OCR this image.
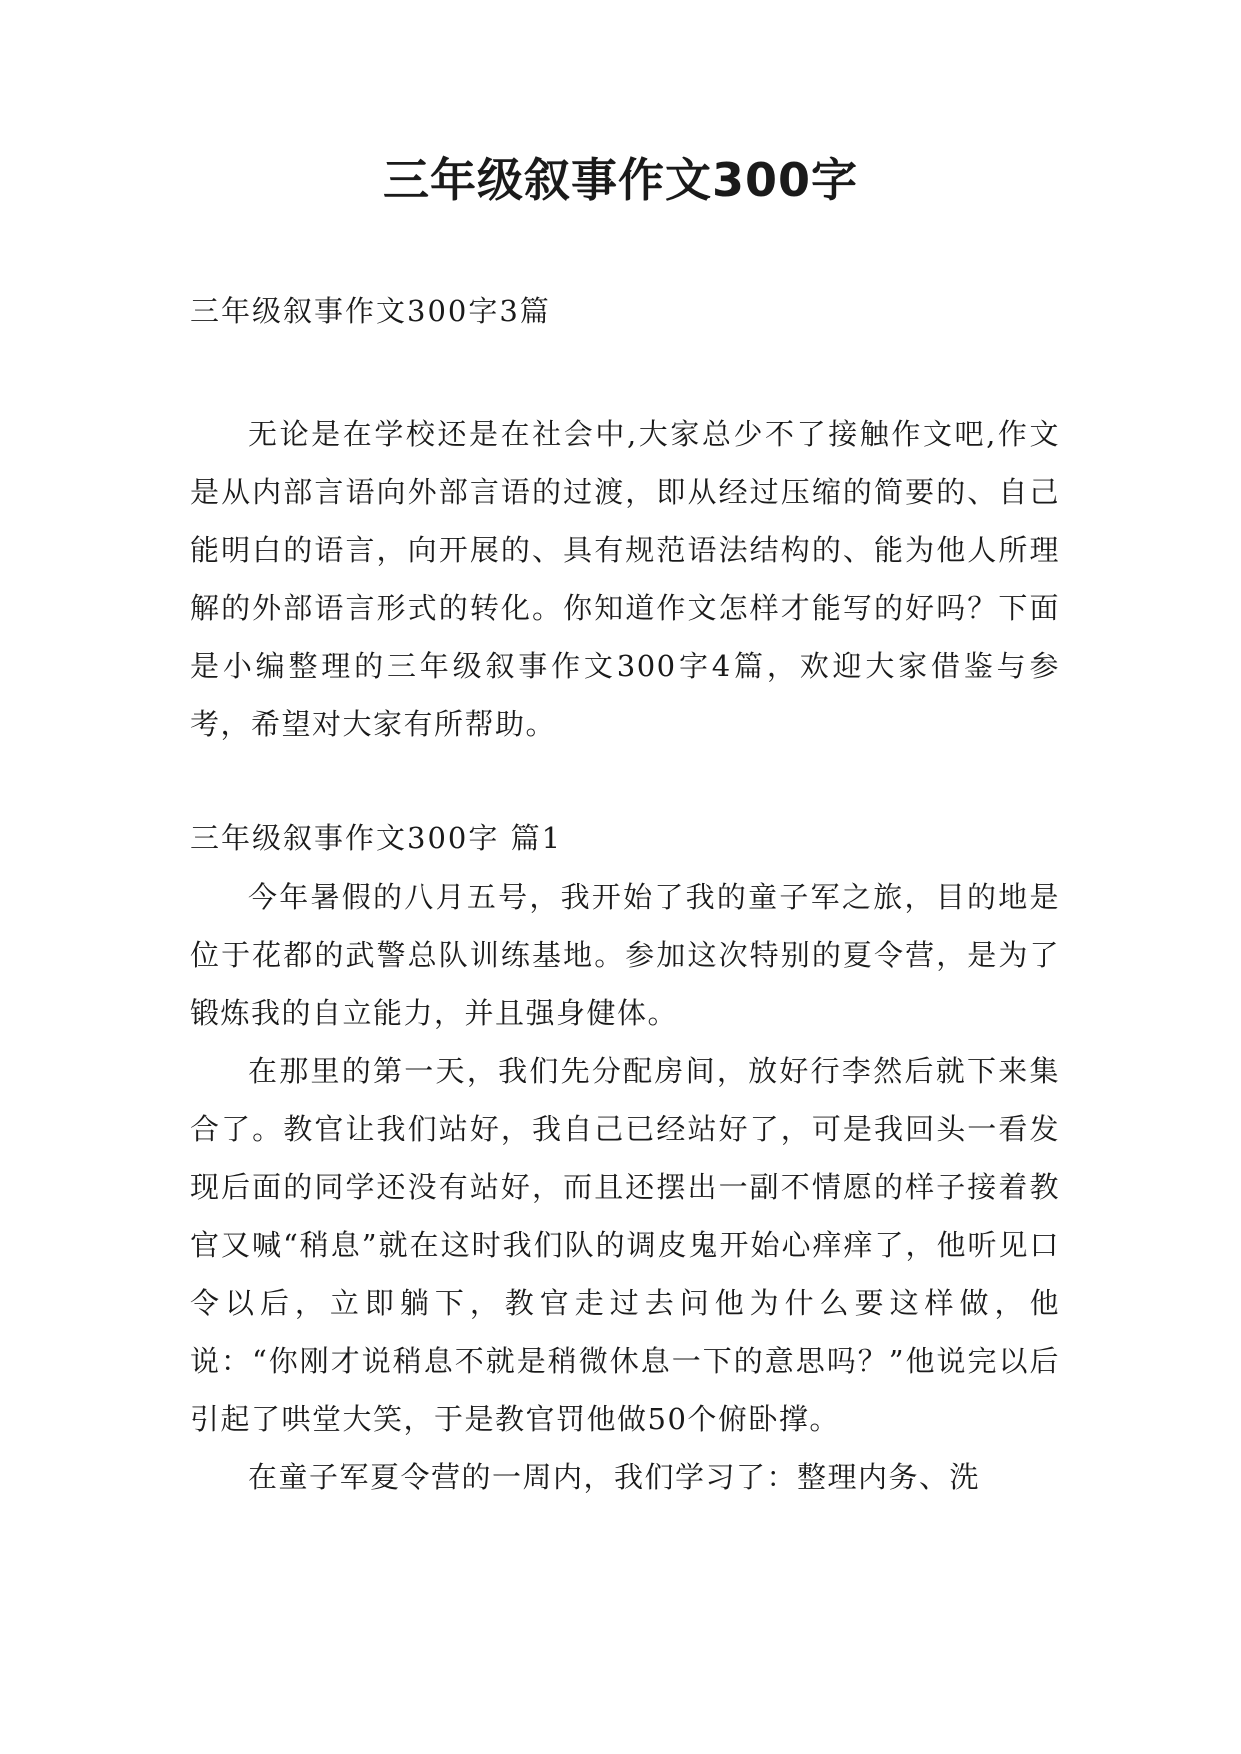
三年级叙事作文300字

三年级叙事作文300字3篇

无论是在学校还是在社会中,大家总少不了接触作文吧,作文是从内部言语向外部言语的过渡，即从经过压缩的简要的、自己能明白的语言，向开展的、具有规范语法结构的、能为他人所理解的外部语言形式的转化。你知道作文怎样才能写的好吗？下面是小编整理的三年级叙事作文300字4篇，欢迎大家借鉴与参考，希望对大家有所帮助。

三年级叙事作文300字 篇1

今年暑假的八月五号，我开始了我的童子军之旅，目的地是位于花都的武警总队训练基地。参加这次特别的夏令营，是为了锻炼我的自立能力，并且强身健体。

在那里的第一天，我们先分配房间，放好行李然后就下来集合了。教官让我们站好，我自己已经站好了，可是我回头一看发现后面的同学还没有站好，而且还摆出一副不情愿的样子接着教官又喊“稍息”就在这时我们队的调皮鬼开始心痒痒了，他听见口令以后，立即躺下，教官走过去问他为什么要这样做，他说：“你刚才说稍息不就是稍微休息一下的意思吗？”他说完以后引起了哄堂大笑，于是教官罚他做50个俯卧撑。

在童子军夏令营的一周内，我们学习了：整理内务、洗
